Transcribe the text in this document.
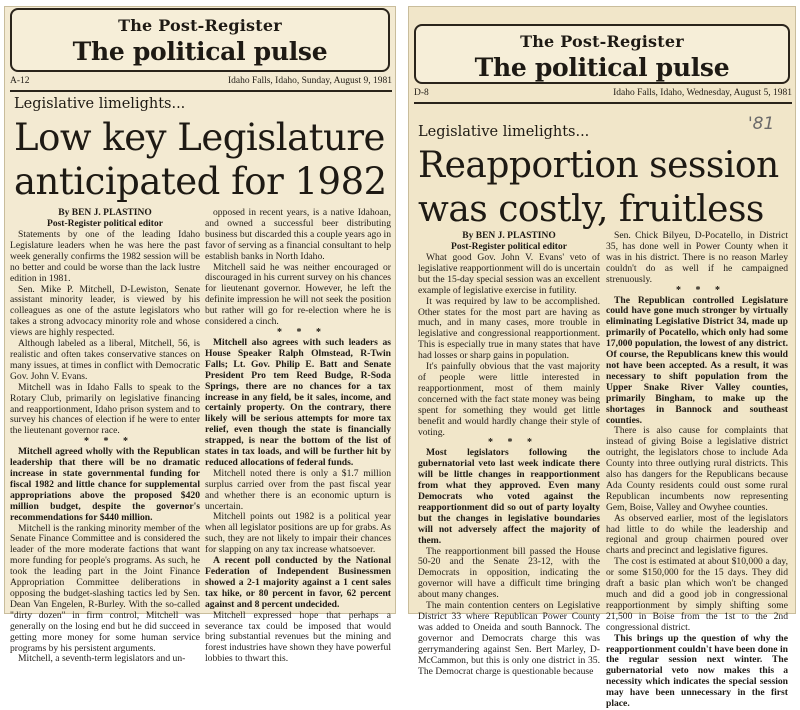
The Post-Register
The political pulse
A-12	Idaho Falls, Idaho, Sunday, August 9, 1981
Legislative limelights...
Low key Legislature anticipated for 1982
By BEN J. PLASTINO
Post-Register political editor

Statements by one of the leading Idaho Legislature leaders when he was here the past week generally confirms the 1982 session will be no better and could be worse than the lack lustre edition in 1981.

Sen. Mike P. Mitchell, D-Lewiston, Senate assistant minority leader, is viewed by his colleagues as one of the astute legislators who takes a strong advocacy minority role and whose views are highly respected.

Although labeled as a liberal, Mitchell, 56, is realistic and often takes conservative stances on many issues, at times in conflict with Democratic Gov. John V. Evans.

Mitchell was in Idaho Falls to speak to the Rotary Club, primarily on legislative financing and reapportionment, Idaho prison system and to survey his chances of election if he were to enter the lieutenant governor race.

* * *

Mitchell agreed wholly with the Republican leadership that there will be no dramatic increase in state governmental funding for fiscal 1982 and little chance for supplemental appropriations above the proposed $420 million budget, despite the governor's recommendations for $440 million.

Mitchell is the ranking minority member of the Senate Finance Committee and is considered the leader of the more moderate factions that want more funding for people's programs. As such, he took the leading part in the Joint Finance Appropriation Committee deliberations in opposing the budget-slashing tactics led by Sen. Dean Van Engelen, R-Burley. With the so-called "dirty dozen" in firm control, Mitchell was generally on the losing end but he did succeed in getting more money for some human service programs by his persistent arguments.

Mitchell, a seventh-term legislators and un-

opposed in recent years, is a native Idahoan, and owned a successful beer distributing business but discarded this a couple years ago in favor of serving as a financial consultant to help establish banks in North Idaho.

Mitchell said he was neither encouraged or discouraged in his current survey on his chances for lieutenant governor. However, he left the definite impression he will not seek the position but rather will go for re-election where he is considered a cinch.

* * *

Mitchell also agrees with such leaders as House Speaker Ralph Olmstead, R-Twin Falls; Lt. Gov. Philip E. Batt and Senate President Pro tem Reed Budge, R-Soda Springs, there are no chances for a tax increase in any field, be it sales, income, and certainly property. On the contrary, there likely will be serious attempts for more tax relief, even though the state is financially strapped, is near the bottom of the list of states in tax loads, and will be further hit by reduced allocations of federal funds.

Mitchell noted there is only a $1.7 million surplus carried over from the past fiscal year and whether there is an economic upturn is uncertain.

Mitchell points out 1982 is a political year when all legislator positions are up for grabs. As such, they are not likely to impair their chances for slapping on any tax increase whatsoever.

A recent poll conducted by the National Federation of Independent Businessmen showed a 2-1 majority against a 1 cent sales tax hike, or 80 percent in favor, 62 percent against and 8 percent undecided.

Mitchell expressed hope that perhaps a severance tax could be imposed that would bring substantial revenues but the mining and forest industries have shown they have powerful lobbies to thwart this.

The Post-Register
The political pulse
D-8	Idaho Falls, Idaho, Wednesday, August 5, 1981
Legislative limelights...	'81
Reapportion session was costly, fruitless
By BEN J. PLASTINO
Post-Register political editor

What good Gov. John V. Evans' veto of legislative reapportionment will do is uncertain but the 15-day special session was an excellent example of legislative exercise in futility.

It was required by law to be accomplished. Other states for the most part are having as much, and in many cases, more trouble in legislative and congressional reapportionment. This is especially true in many states that have had losses or sharp gains in population.

It's painfully obvious that the vast majority of people were little interested in reapportionment, most of them mainly concerned with the fact state money was being spent for something they would get little benefit and would hardly change their style of voting.

* * *

Most legislators following the gubernatorial veto last week indicate there will be little changes in reapportionment from what they approved. Even many Democrats who voted against the reapportionment did so out of party loyalty but the changes in legislative boundaries will not adversely affect the majority of them.

The reapportionment bill passed the House 50-20 and the Senate 23-12, with the Democrats in opposition, indicating the governor will have a difficult time bringing about many changes.

The main contention centers on Legislative District 33 where Republican Power County was added to Oneida and south Bannock. The governor and Democrats charge this was gerrymandering against Sen. Bert Marley, D-McCammon, but this is only one district in 35. The Democrat charge is questionable because

Sen. Chick Bilyeu, D-Pocatello, in District 35, has done well in Power County when it was in his district. There is no reason Marley couldn't do as well if he campaigned strenuously.

* * *

The Republican controlled Legislature could have gone much stronger by virtually eliminating Legislative District 34, made up primarily of Pocatello, which only had some 17,000 population, the lowest of any district. Of course, the Republicans knew this would not have been accepted. As a result, it was necessary to shift population from the Upper Snake River Valley counties, primarily Bingham, to make up the shortages in Bannock and southeast counties.

There is also cause for complaints that instead of giving Boise a legislative district outright, the legislators chose to include Ada County into three outlying rural districts. This also has dangers for the Republicans because Ada County residents could oust some rural Republican incumbents now representing Gem, Boise, Valley and Owyhee counties.

As observed earlier, most of the legislators had little to do while the leadership and regional and group chairmen poured over charts and precinct and legislative figures.

The cost is estimated at about $10,000 a day, or some $150,000 for the 15 days. They did draft a basic plan which won't be changed much and did a good job in congressional reapportionment by simply shifting some 21,500 in Boise from the 1st to the 2nd congressional district.

This brings up the question of why the reapportionment couldn't have been done in the regular session next winter. The gubernatorial veto now makes this a necessity which indicates the special session may have been unnecessary in the first place.
